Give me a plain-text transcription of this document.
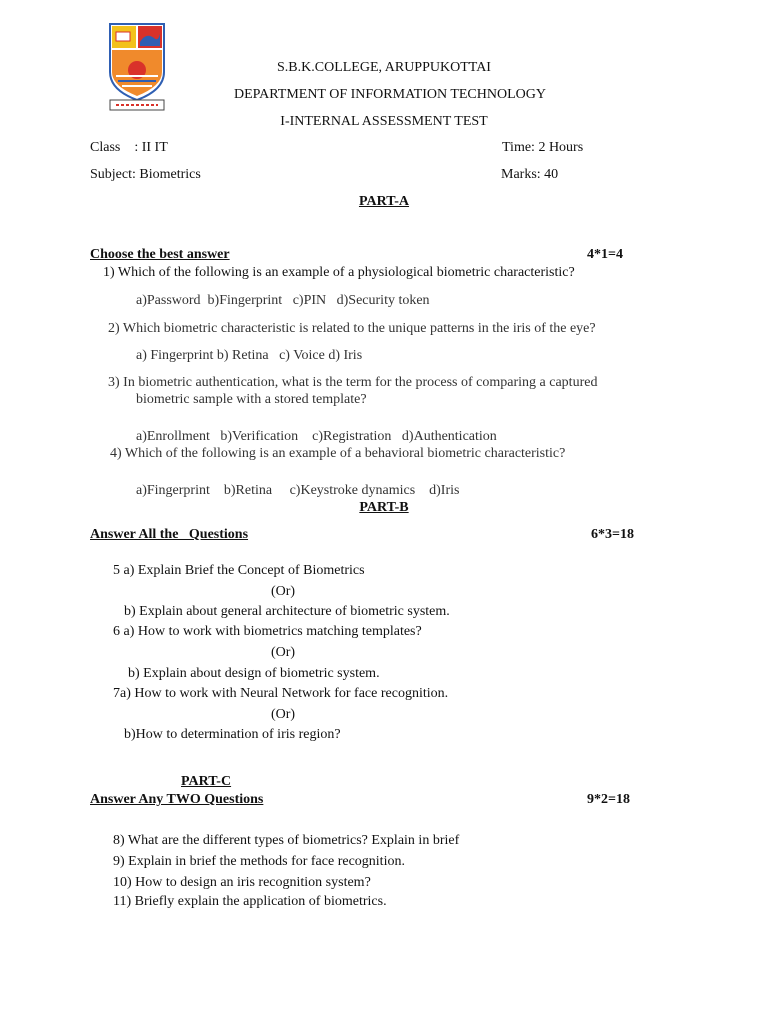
S.B.K.COLLEGE, ARUPPUKOTTAI
DEPARTMENT OF INFORMATION TECHNOLOGY
I-INTERNAL ASSESSMENT TEST
Class    : II IT	Time: 2 Hours
Subject: Biometrics	Marks: 40
PART-A
Choose the best answer	4*1=4
1) Which of the following is an example of a physiological biometric characteristic?
a)Password  b)Fingerprint   c)PIN   d)Security token
2) Which biometric characteristic is related to the unique patterns in the iris of the eye?
a) Fingerprint b) Retina   c) Voice d) Iris
3) In biometric authentication, what is the term for the process of comparing a captured
biometric sample with a stored template?
a)Enrollment   b)Verification    c)Registration   d)Authentication
4) Which of the following is an example of a behavioral biometric characteristic?
a)Fingerprint    b)Retina     c)Keystroke dynamics    d)Iris
PART-B
Answer All the   Questions	6*3=18
5 a) Explain Brief the Concept of Biometrics
(Or)
b) Explain about general architecture of biometric system.
6 a) How to work with biometrics matching templates?
(Or)
b) Explain about design of biometric system.
7a) How to work with Neural Network for face recognition.
(Or)
b)How to determination of iris region?
PART-C
Answer Any TWO Questions	9*2=18
8) What are the different types of biometrics? Explain in brief
9) Explain in brief the methods for face recognition.
10) How to design an iris recognition system?
11) Briefly explain the application of biometrics.
